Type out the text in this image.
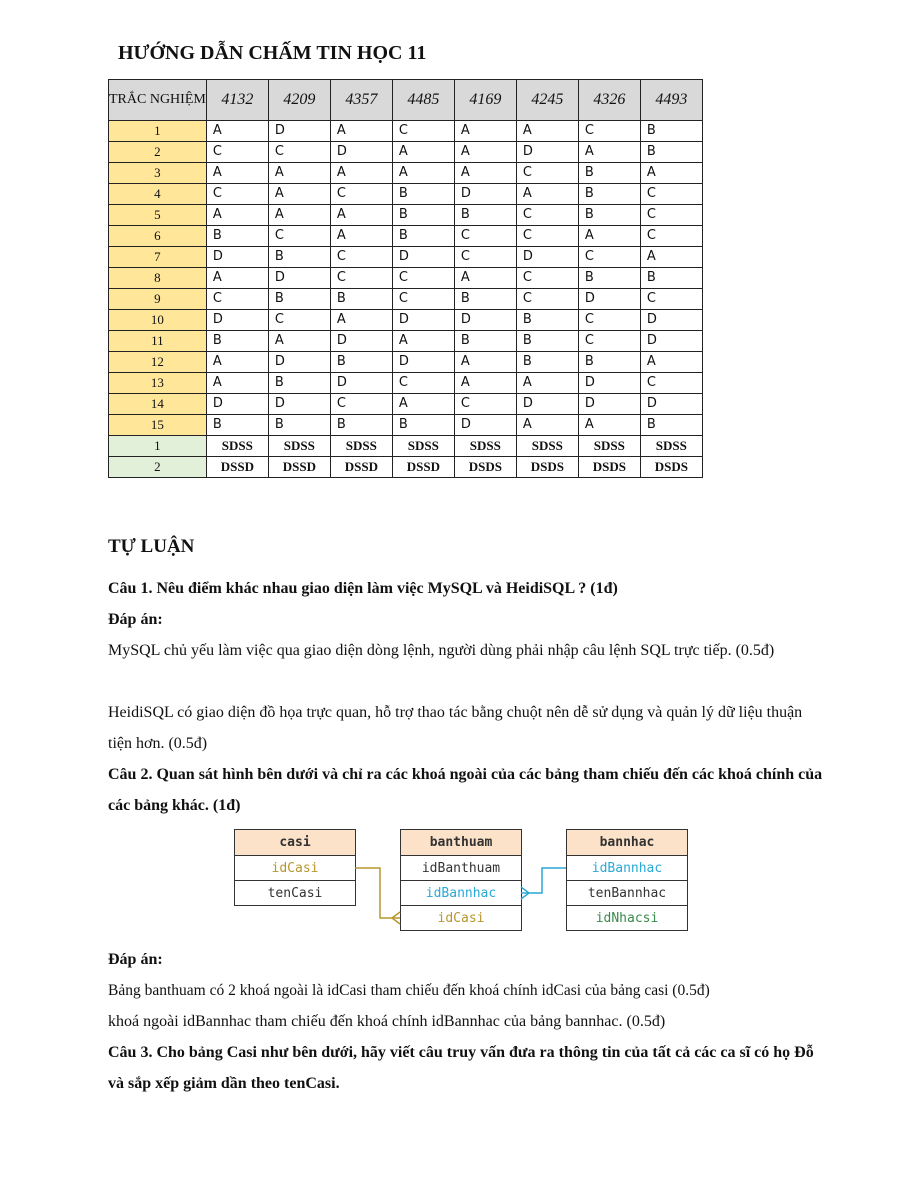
HƯỚNG DẪN CHẤM TIN HỌC 11
TRẮC NGHIỆM	4132	4209	4357	4485	4169	4245	4326	4493
1	A	D	A	C	A	A	C	B
2	C	C	D	A	A	D	A	B
3	A	A	A	A	A	C	B	A
4	C	A	C	B	D	A	B	C
5	A	A	A	B	B	C	B	C
6	B	C	A	B	C	C	A	C
7	D	B	C	D	C	D	C	A
8	A	D	C	C	A	C	B	B
9	C	B	B	C	B	C	D	C
10	D	C	A	D	D	B	C	D
11	B	A	D	A	B	B	C	D
12	A	D	B	D	A	B	B	A
13	A	B	D	C	A	A	D	C
14	D	D	C	A	C	D	D	D
15	B	B	B	B	D	A	A	B
1	SDSS	SDSS	SDSS	SDSS	SDSS	SDSS	SDSS	SDSS
2	DSSD	DSSD	DSSD	DSSD	DSDS	DSDS	DSDS	DSDS
TỰ LUẬN
Câu 1. Nêu điểm khác nhau giao diện làm việc MySQL và HeidiSQL ? (1đ)
Đáp án:
MySQL chủ yếu làm việc qua giao diện dòng lệnh, người dùng phải nhập câu lệnh SQL trực tiếp. (0.5đ)
HeidiSQL có giao diện đồ họa trực quan, hỗ trợ thao tác bằng chuột nên dễ sử dụng và quản lý dữ liệu thuận tiện hơn. (0.5đ)
Câu 2. Quan sát hình bên dưới và chỉ ra các khoá ngoài của các bảng tham chiếu đến các khoá chính của các bảng khác. (1đ)
casi
idCasi
tenCasi
banthuam
idBanthuam
idBannhac
idCasi
bannhac
idBannhac
tenBannhac
idNhacsi
Đáp án:
Bảng banthuam có 2 khoá ngoài là idCasi tham chiếu đến khoá chính idCasi của bảng casi (0.5đ)
khoá ngoài idBannhac tham chiếu đến khoá chính idBannhac của bảng bannhac. (0.5đ)
Câu 3. Cho bảng Casi như bên dưới, hãy viết câu truy vấn đưa ra thông tin của tất cả các ca sĩ có họ Đỗ và sắp xếp giảm dần theo tenCasi.
